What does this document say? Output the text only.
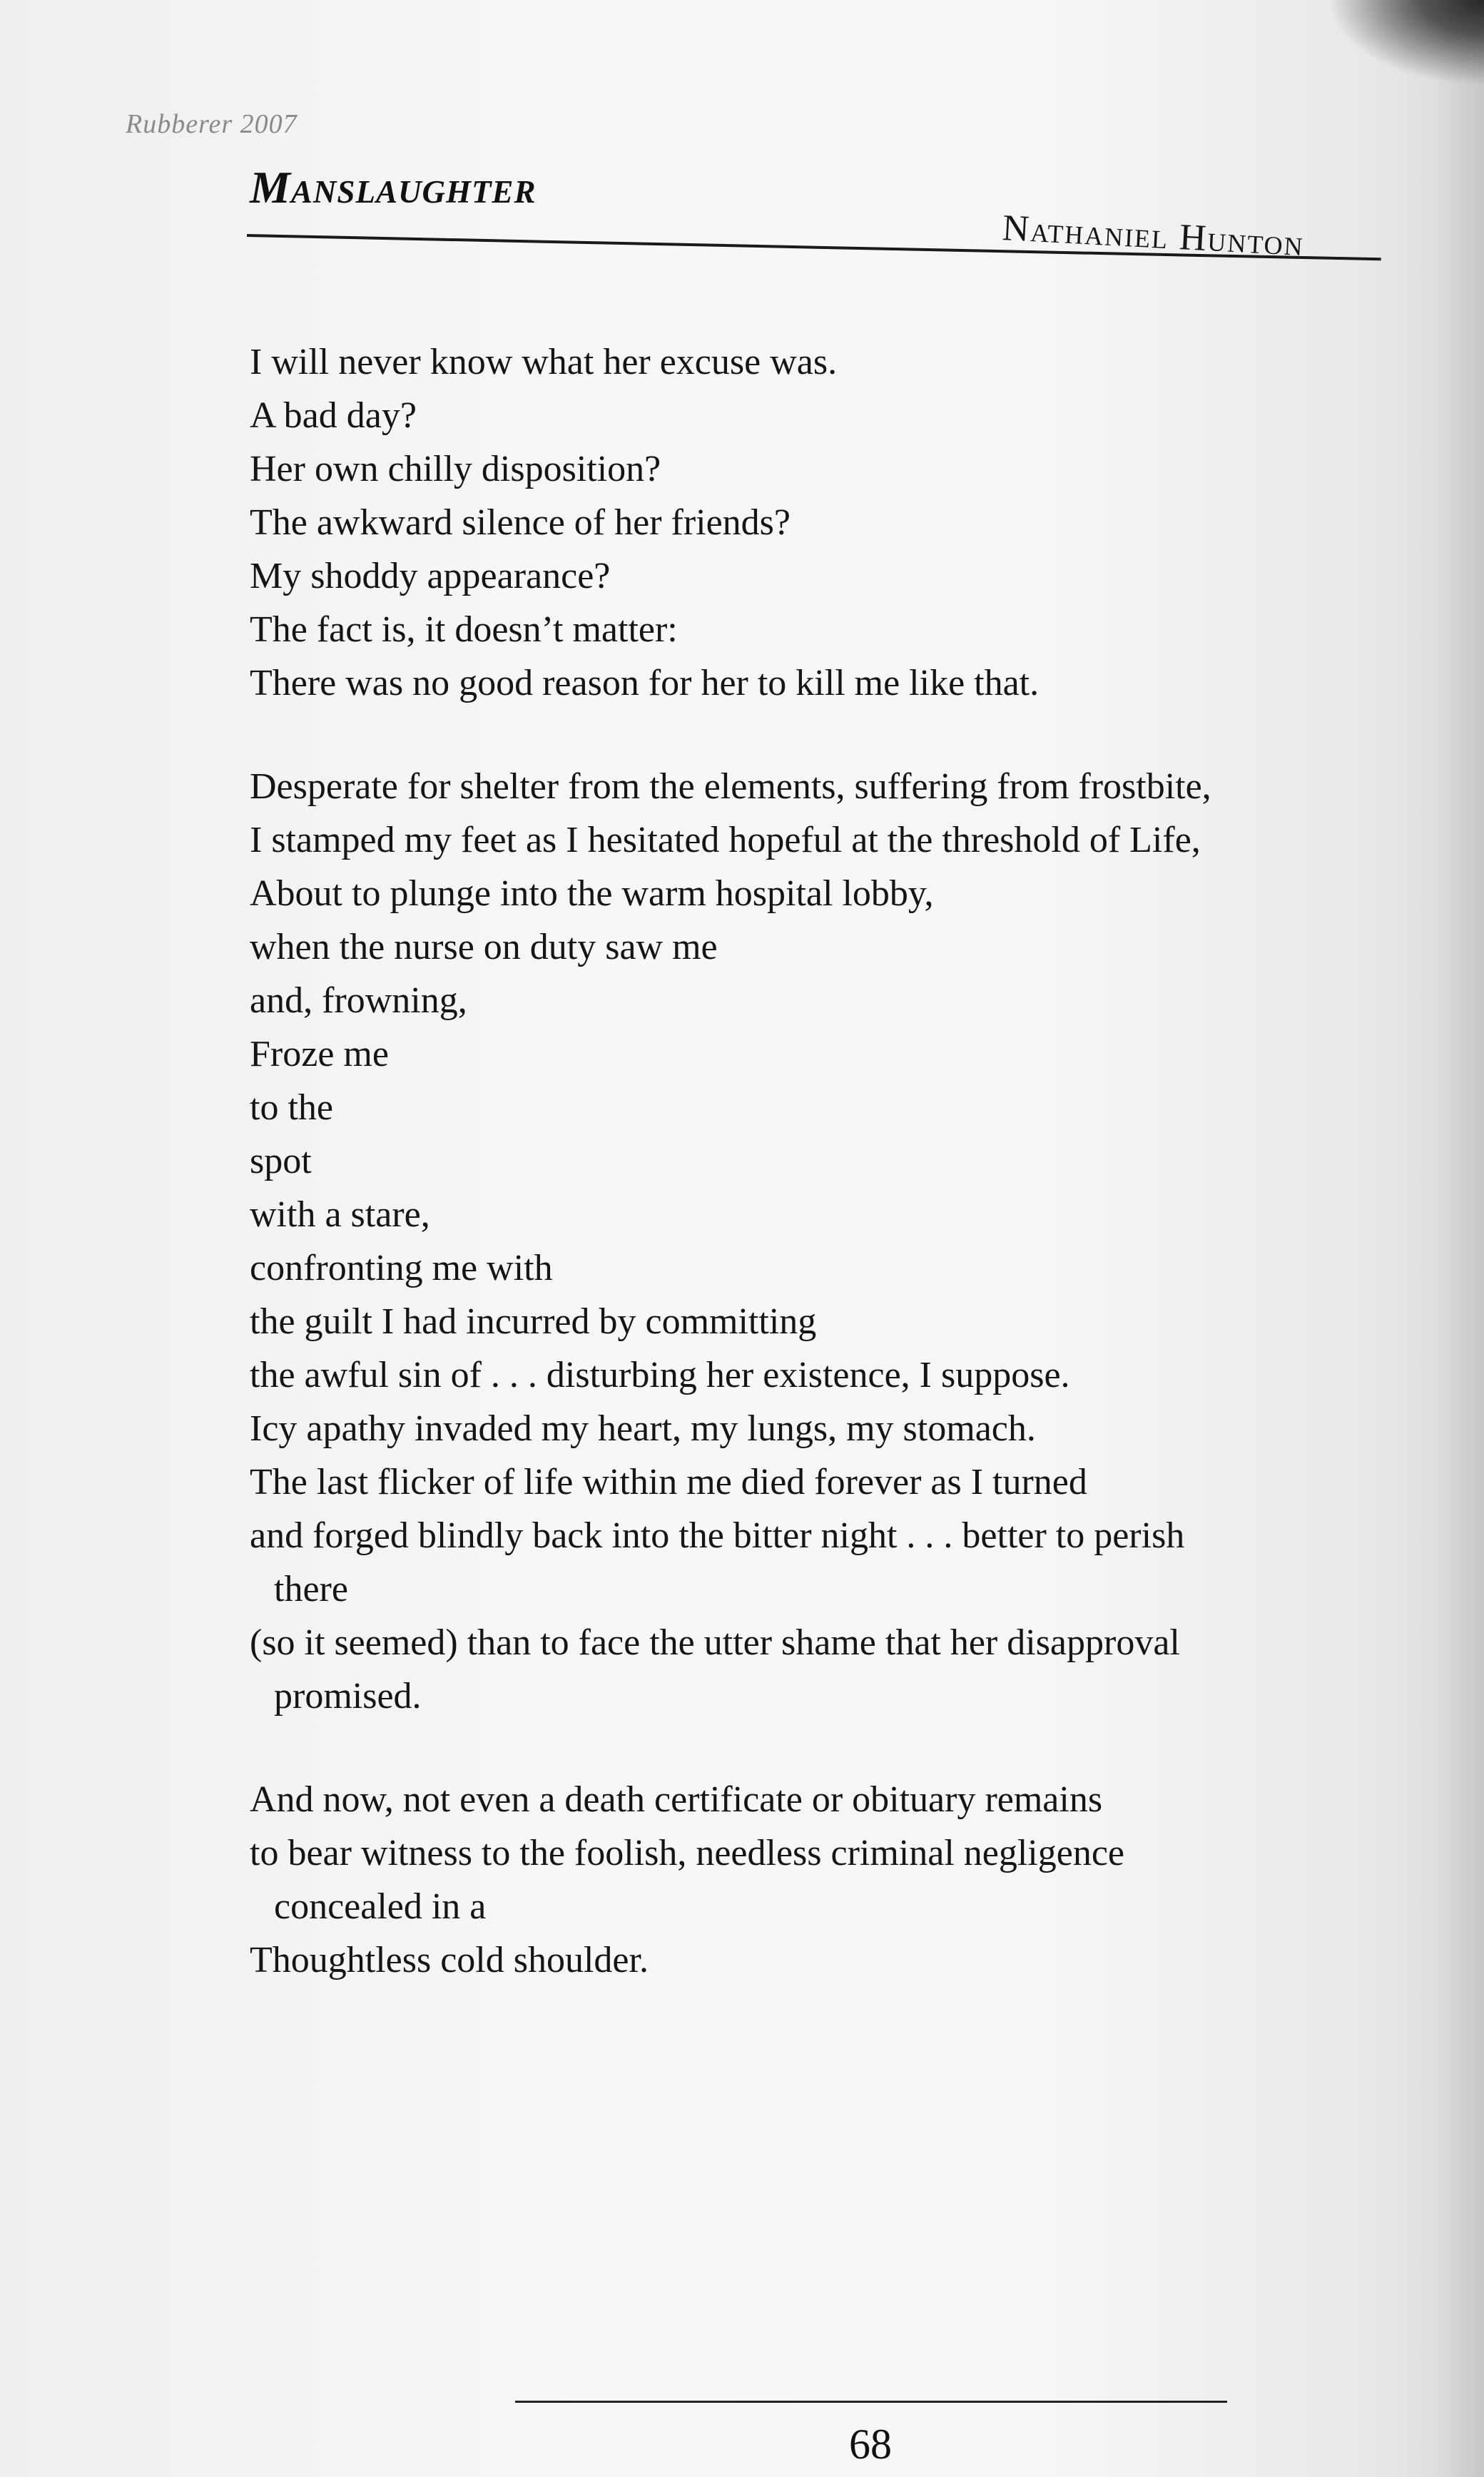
Rubberer 2007
Manslaughter
Nathaniel Hunton
I will never know what her excuse was.
A bad day?
Her own chilly disposition?
The awkward silence of her friends?
My shoddy appearance?
The fact is, it doesn’t matter:
There was no good reason for her to kill me like that.
Desperate for shelter from the elements, suffering from frostbite,
I stamped my feet as I hesitated hopeful at the threshold of Life,
About to plunge into the warm hospital lobby,
when the nurse on duty saw me
and, frowning,
Froze me
to the
spot
with a stare,
confronting me with
the guilt I had incurred by committing
the awful sin of . . . disturbing her existence, I suppose.
Icy apathy invaded my heart, my lungs, my stomach.
The last flicker of life within me died forever as I turned
and forged blindly back into the bitter night . . . better to perish
there
(so it seemed) than to face the utter shame that her disapproval
promised.
And now, not even a death certificate or obituary remains
to bear witness to the foolish, needless criminal negligence
concealed in a
Thoughtless cold shoulder.
68
